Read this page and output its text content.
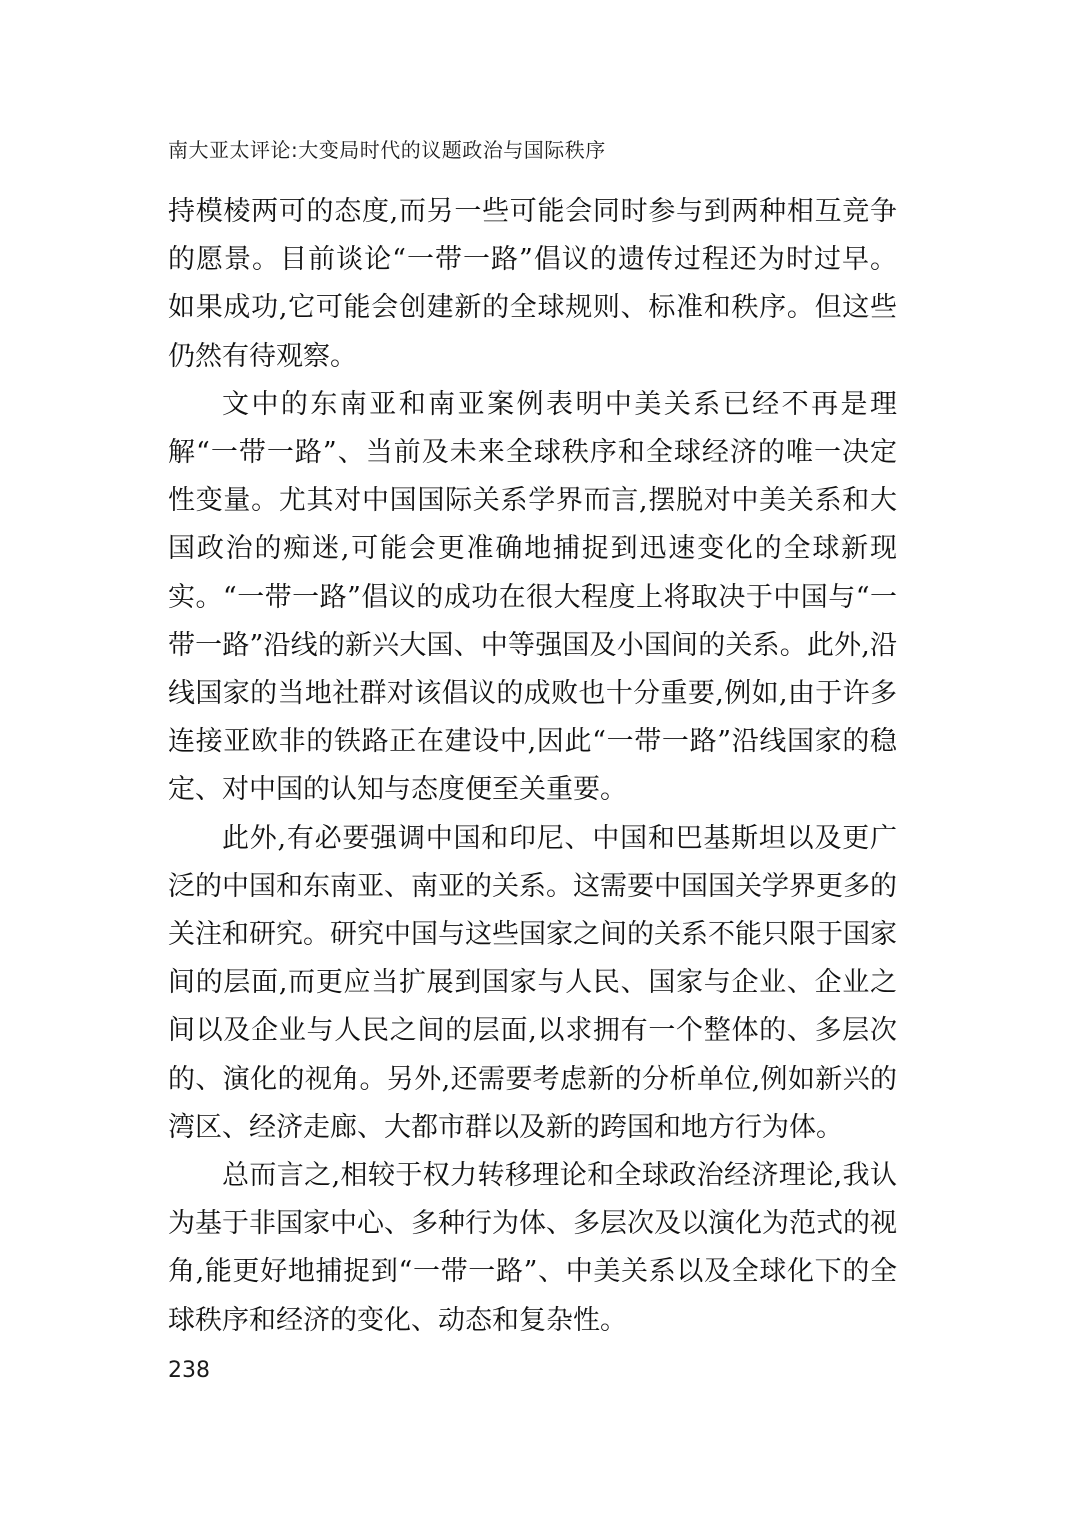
南大亚太评论:大变局时代的议题政治与国际秩序

持模棱两可的态度,而另一些可能会同时参与到两种相互竞争的愿景。目前谈论“一带一路”倡议的遗传过程还为时过早。如果成功,它可能会创建新的全球规则、标准和秩序。但这些仍然有待观察。

文中的东南亚和南亚案例表明中美关系已经不再是理解“一带一路”、当前及未来全球秩序和全球经济的唯一决定性变量。尤其对中国国际关系学界而言,摆脱对中美关系和大国政治的痴迷,可能会更准确地捕捉到迅速变化的全球新现实。“一带一路”倡议的成功在很大程度上将取决于中国与“一带一路”沿线的新兴大国、中等强国及小国间的关系。此外,沿线国家的当地社群对该倡议的成败也十分重要,例如,由于许多连接亚欧非的铁路正在建设中,因此“一带一路”沿线国家的稳定、对中国的认知与态度便至关重要。

此外,有必要强调中国和印尼、中国和巴基斯坦以及更广泛的中国和东南亚、南亚的关系。这需要中国国关学界更多的关注和研究。研究中国与这些国家之间的关系不能只限于国家间的层面,而更应当扩展到国家与人民、国家与企业、企业之间以及企业与人民之间的层面,以求拥有一个整体的、多层次的、演化的视角。另外,还需要考虑新的分析单位,例如新兴的湾区、经济走廊、大都市群以及新的跨国和地方行为体。

总而言之,相较于权力转移理论和全球政治经济理论,我认为基于非国家中心、多种行为体、多层次及以演化为范式的视角,能更好地捕捉到“一带一路”、中美关系以及全球化下的全球秩序和经济的变化、动态和复杂性。

238
